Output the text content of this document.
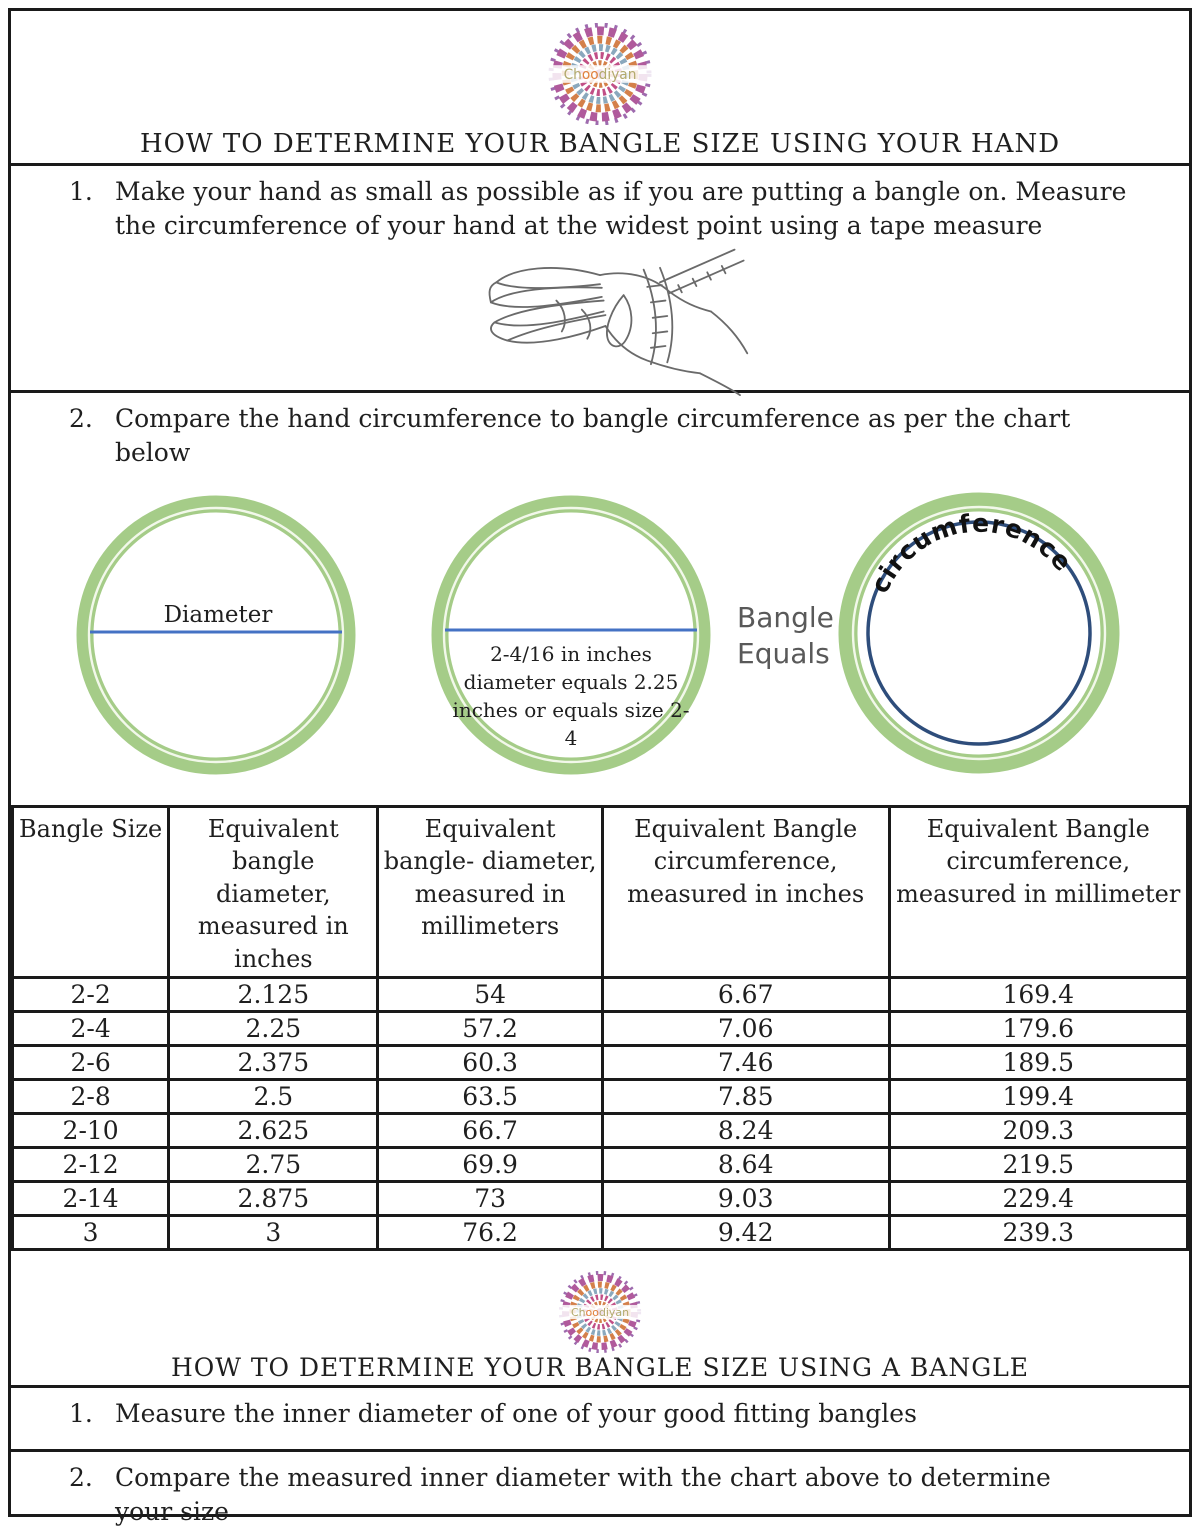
HOW TO DETERMINE YOUR BANGLE SIZE USING YOUR HAND
1. Make your hand as small as possible as if you are putting a bangle on. Measure the circumference of your hand at the widest point using a tape measure
2. Compare the hand circumference to bangle circumference as per the chart below
Diameter
2-4/16 in inches
diameter equals 2.25
inches or equals size 2-
4
Bangle
Equals
circumference
Bangle Size	Equivalent bangle diameter, measured in inches	Equivalent bangle- diameter, measured in millimeters	Equivalent Bangle circumference, measured in inches	Equivalent Bangle circumference, measured in millimeter
2-2	2.125	54	6.67	169.4
2-4	2.25	57.2	7.06	179.6
2-6	2.375	60.3	7.46	189.5
2-8	2.5	63.5	7.85	199.4
2-10	2.625	66.7	8.24	209.3
2-12	2.75	69.9	8.64	219.5
2-14	2.875	73	9.03	229.4
3	3	76.2	9.42	239.3
HOW TO DETERMINE YOUR BANGLE SIZE USING A BANGLE
1. Measure the inner diameter of one of your good fitting bangles
2. Compare the measured inner diameter with the chart above to determine your size
